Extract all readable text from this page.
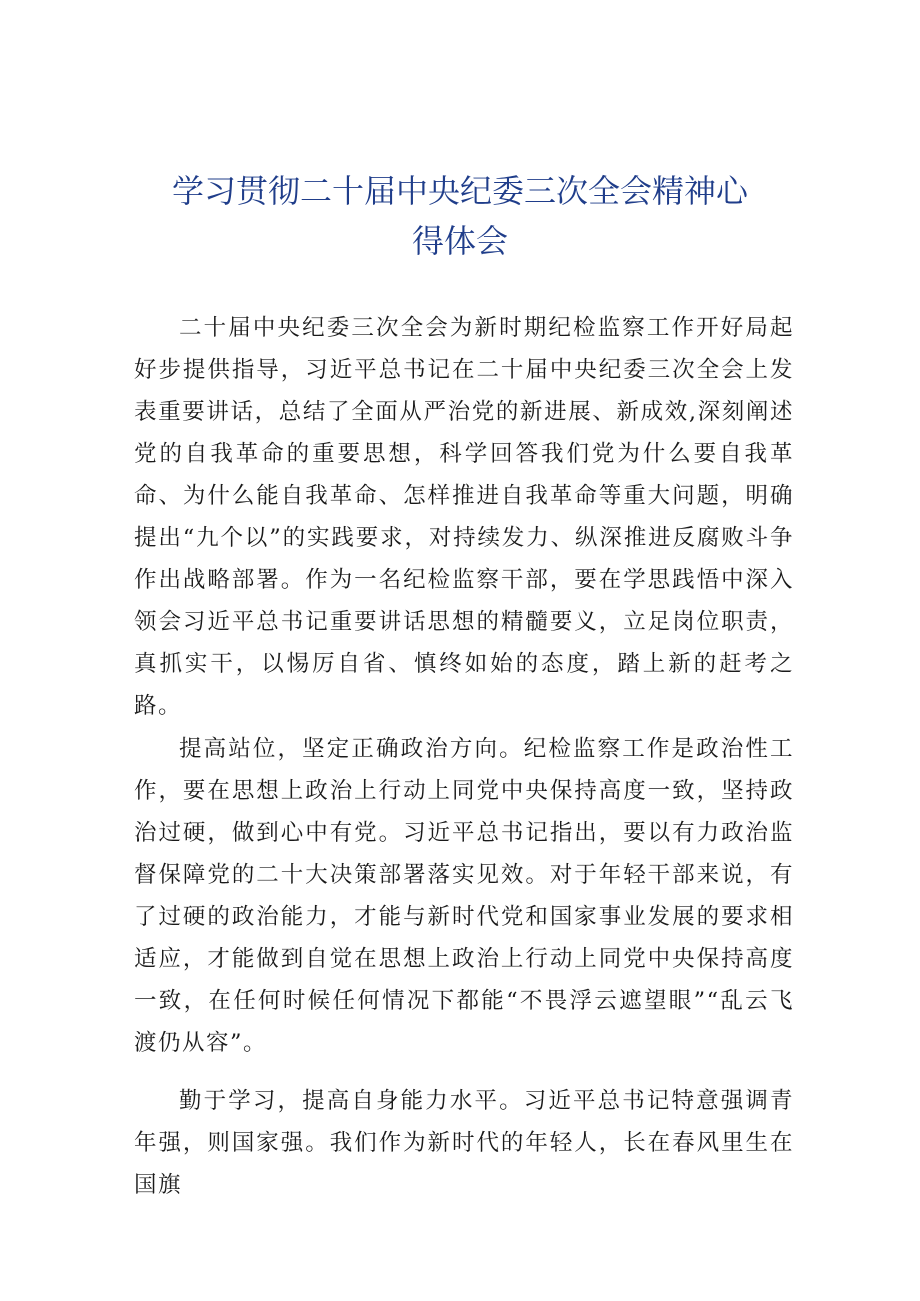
学习贯彻二十届中央纪委三次全会精神心
得体会

二十届中央纪委三次全会为新时期纪检监察工作开好局起好步提供指导，习近平总书记在二十届中央纪委三次全会上发表重要讲话，总结了全面从严治党的新进展、新成效,深刻阐述党的自我革命的重要思想，科学回答我们党为什么要自我革命、为什么能自我革命、怎样推进自我革命等重大问题，明确提出“九个以”的实践要求，对持续发力、纵深推进反腐败斗争作出战略部署。作为一名纪检监察干部，要在学思践悟中深入领会习近平总书记重要讲话思想的精髓要义，立足岗位职责，真抓实干，以惕厉自省、慎终如始的态度，踏上新的赶考之路。

提高站位，坚定正确政治方向。纪检监察工作是政治性工作，要在思想上政治上行动上同党中央保持高度一致，坚持政治过硬，做到心中有党。习近平总书记指出，要以有力政治监督保障党的二十大决策部署落实见效。对于年轻干部来说，有了过硬的政治能力，才能与新时代党和国家事业发展的要求相适应，才能做到自觉在思想上政治上行动上同党中央保持高度一致，在任何时候任何情况下都能“不畏浮云遮望眼”“乱云飞渡仍从容”。

勤于学习，提高自身能力水平。习近平总书记特意强调青年强，则国家强。我们作为新时代的年轻人，长在春风里生在国旗
